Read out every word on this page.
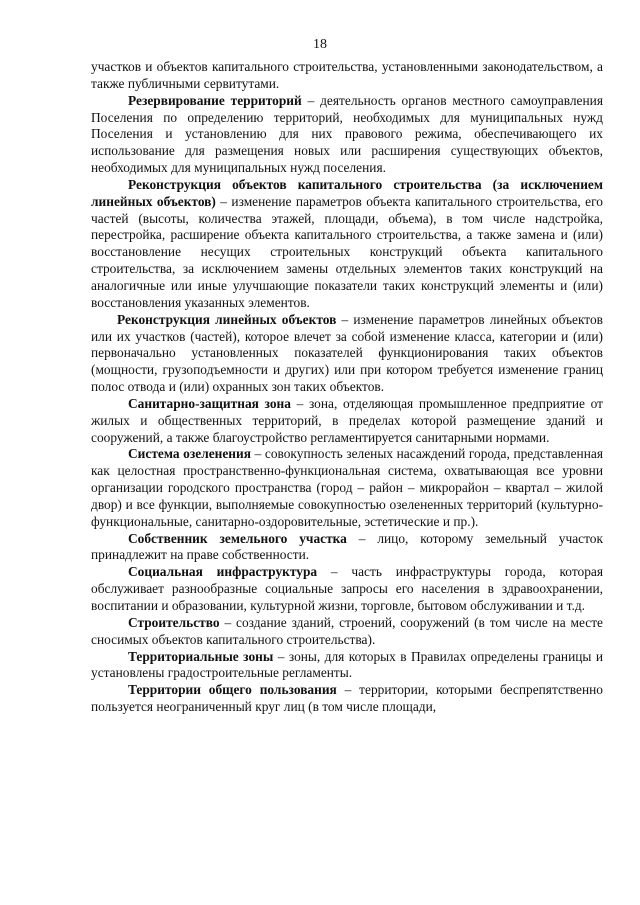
18

участков и объектов капитального строительства, установленными законодательством, а также публичными сервитутами.

Резервирование территорий – деятельность органов местного самоуправления Поселения по определению территорий, необходимых для муниципальных нужд Поселения и установлению для них правового режима, обеспечивающего их использование для размещения новых или расширения существующих объектов, необходимых для муниципальных нужд поселения.

Реконструкция объектов капитального строительства (за исключением линейных объектов) – изменение параметров объекта капитального строительства, его частей (высоты, количества этажей, площади, объема), в том числе надстройка, перестройка, расширение объекта капитального строительства, а также замена и (или) восстановление несущих строительных конструкций объекта капитального строительства, за исключением замены отдельных элементов таких конструкций на аналогичные или иные улучшающие показатели таких конструкций элементы и (или) восстановления указанных элементов.

Реконструкция линейных объектов – изменение параметров линейных объектов или их участков (частей), которое влечет за собой изменение класса, категории и (или) первоначально установленных показателей функционирования таких объектов (мощности, грузоподъемности и других) или при котором требуется изменение границ полос отвода и (или) охранных зон таких объектов.

Санитарно-защитная зона – зона, отделяющая промышленное предприятие от жилых и общественных территорий, в пределах которой размещение зданий и сооружений, а также благоустройство регламентируется санитарными нормами.

Система озеленения – совокупность зеленых насаждений города, представленная как целостная пространственно-функциональная система, охватывающая все уровни организации городского пространства (город – район – микрорайон – квартал – жилой двор) и все функции, выполняемые совокупностью озелененных территорий (культурно-функциональные, санитарно-оздоровительные, эстетические и пр.).

Собственник земельного участка – лицо, которому земельный участок принадлежит на праве собственности.

Социальная инфраструктура – часть инфраструктуры города, которая обслуживает разнообразные социальные запросы его населения в здравоохранении, воспитании и образовании, культурной жизни, торговле, бытовом обслуживании и т.д.

Строительство – создание зданий, строений, сооружений (в том числе на месте сносимых объектов капитального строительства).

Территориальные зоны – зоны, для которых в Правилах определены границы и установлены градостроительные регламенты.

Территории общего пользования – территории, которыми беспрепятственно пользуется неограниченный круг лиц (в том числе площади,
